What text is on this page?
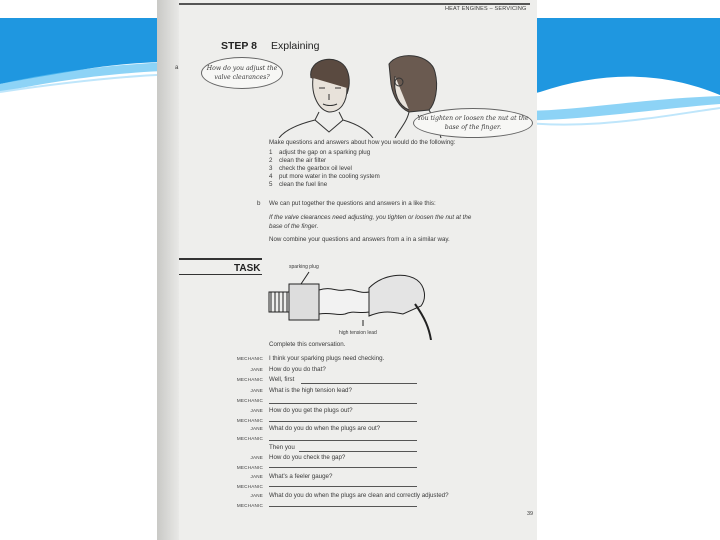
HEAT ENGINES – SERVICING
STEP 8 Explaining
a	How do you adjust the valve clearances?
You tighten or loosen the nut at the base of the finger.
Make questions and answers about how you would do the following:
1 adjust the gap on a sparking plug
2 clean the air filter
3 check the gearbox oil level
4 put more water in the cooling system
5 clean the fuel line
b We can put together the questions and answers in a like this:
If the valve clearances need adjusting, you tighten or loosen the nut at the
base of the finger.
Now combine your questions and answers from a in a similar way.
TASK	sparking plug
high tension lead
Complete this conversation.
MECHANIC I think your sparking plugs need checking.
JANE How do you do that?
MECHANIC Well, first
JANE What is the high tension lead?
MECHANIC
JANE How do you get the plugs out?
MECHANIC
JANE What do you do when the plugs are out?
MECHANIC
Then you
JANE How do you check the gap?
MECHANIC
JANE What's a feeler gauge?
MECHANIC
JANE What do you do when the plugs are clean and correctly adjusted?
MECHANIC
39
